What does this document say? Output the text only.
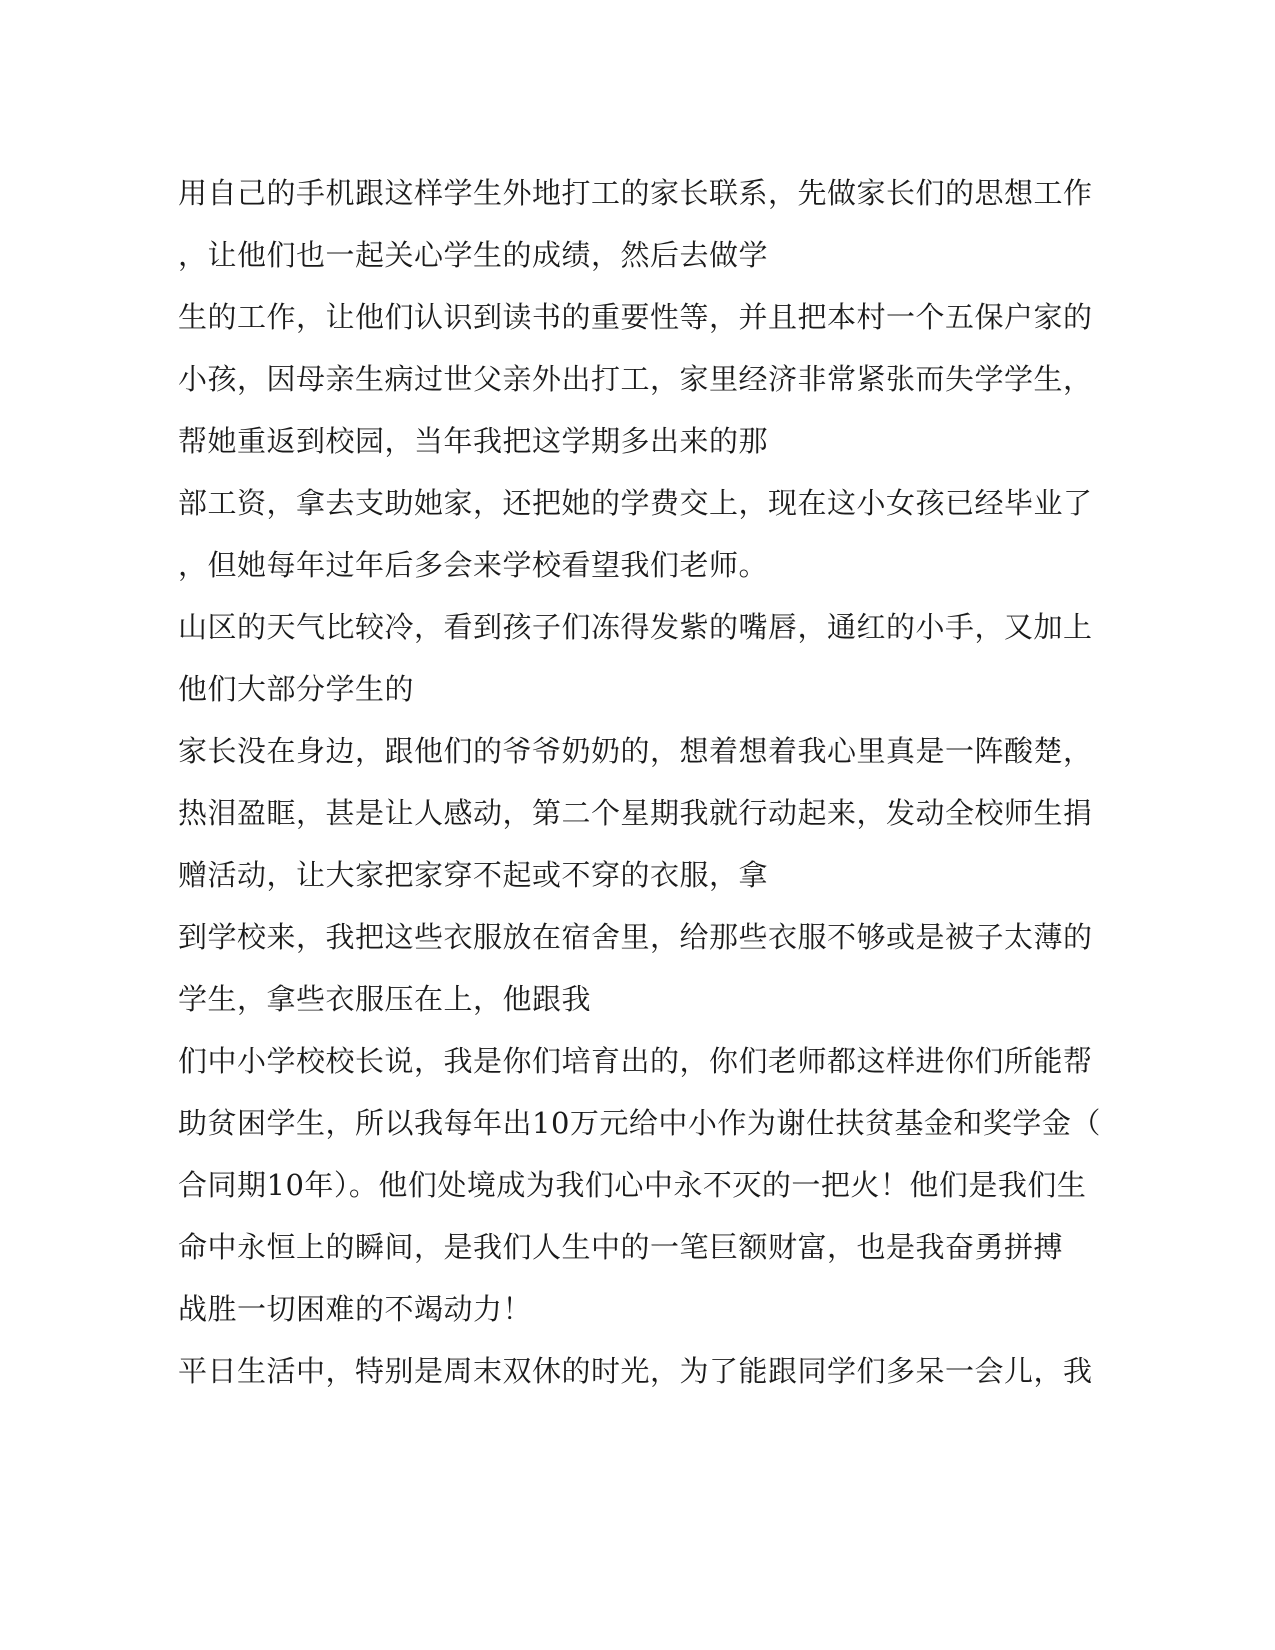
用自己的手机跟这样学生外地打工的家长联系，先做家长们的思想工作
，让他们也一起关心学生的成绩，然后去做学
生的工作，让他们认识到读书的重要性等，并且把本村一个五保户家的
小孩，因母亲生病过世父亲外出打工，家里经济非常紧张而失学学生，
帮她重返到校园，当年我把这学期多出来的那
部工资，拿去支助她家，还把她的学费交上，现在这小女孩已经毕业了
，但她每年过年后多会来学校看望我们老师。
山区的天气比较冷，看到孩子们冻得发紫的嘴唇，通红的小手，又加上
他们大部分学生的
家长没在身边，跟他们的爷爷奶奶的，想着想着我心里真是一阵酸楚，
热泪盈眶，甚是让人感动，第二个星期我就行动起来，发动全校师生捐
赠活动，让大家把家穿不起或不穿的衣服，拿
到学校来，我把这些衣服放在宿舍里，给那些衣服不够或是被子太薄的
学生，拿些衣服压在上，他跟我
们中小学校校长说，我是你们培育出的，你们老师都这样进你们所能帮
助贫困学生，所以我每年出10万元给中小作为谢仕扶贫基金和奖学金（
合同期10年）。他们处境成为我们心中永不灭的一把火！他们是我们生
命中永恒上的瞬间，是我们人生中的一笔巨额财富，也是我奋勇拼搏
战胜一切困难的不竭动力！
平日生活中，特别是周末双休的时光，为了能跟同学们多呆一会儿，我
